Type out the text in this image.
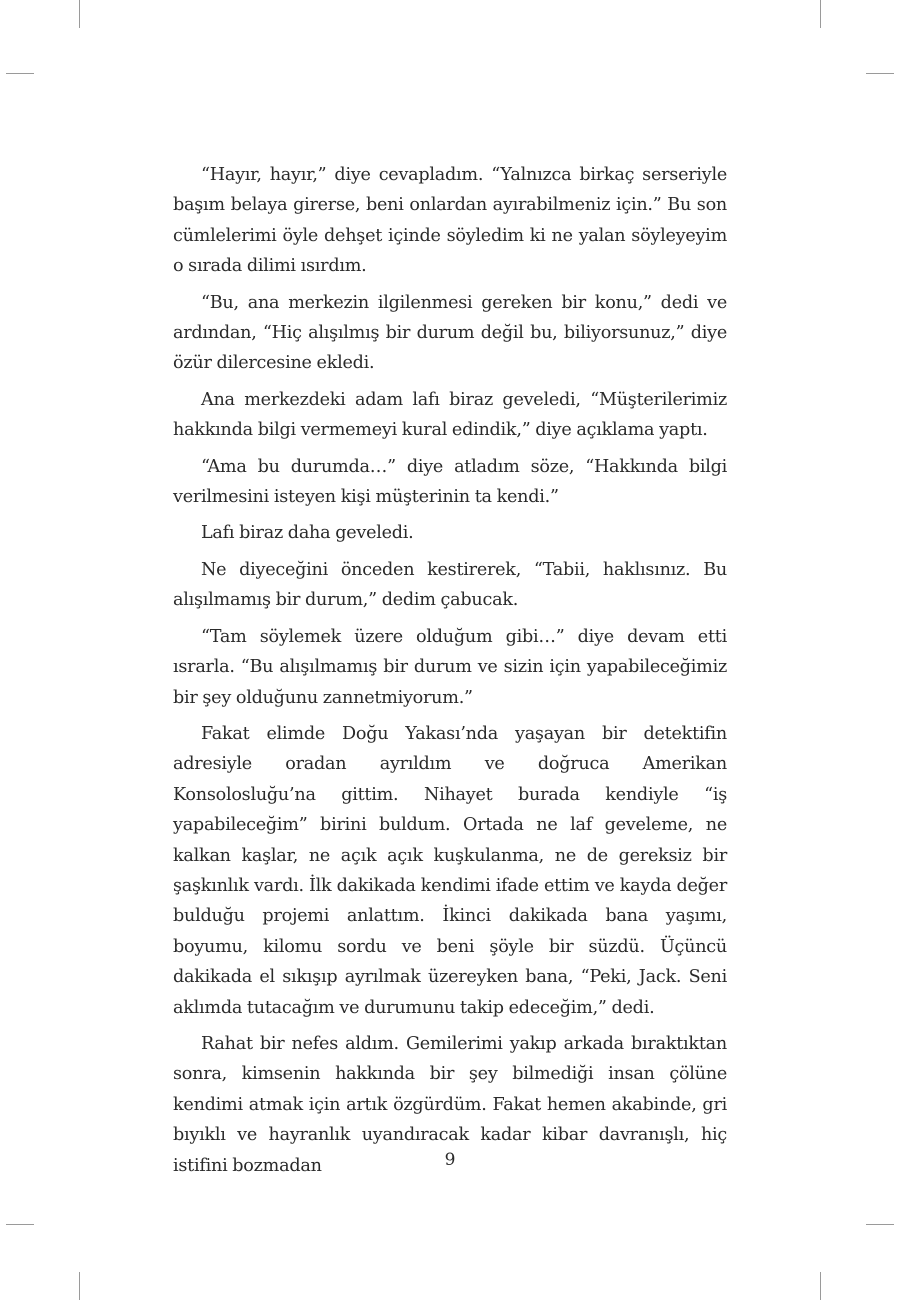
“Hayır, hayır,” diye cevapladım. “Yalnızca birkaç serseriyle başım belaya girerse, beni onlardan ayırabilmeniz için.” Bu son cümlelerimi öyle dehşet içinde söyledim ki ne yalan söyleyeyim o sırada dilimi ısırdım.

“Bu, ana merkezin ilgilenmesi gereken bir konu,” dedi ve ardından, “Hiç alışılmış bir durum değil bu, biliyorsunuz,” diye özür dilercesine ekledi.

Ana merkezdeki adam lafı biraz geveledi, “Müşterilerimiz hakkında bilgi vermemeyi kural edindik,” diye açıklama yaptı.

“Ama bu durumda…” diye atladım söze, “Hakkında bilgi verilmesini isteyen kişi müşterinin ta kendi.”

Lafı biraz daha geveledi.

Ne diyeceğini önceden kestirerek, “Tabii, haklısınız. Bu alışılmamış bir durum,” dedim çabucak.

“Tam söylemek üzere olduğum gibi…” diye devam etti ısrarla. “Bu alışılmamış bir durum ve sizin için yapabileceğimiz bir şey olduğunu zannetmiyorum.”

Fakat elimde Doğu Yakası’nda yaşayan bir detektifin adresiyle oradan ayrıldım ve doğruca Amerikan Konsolosluğu’na gittim. Nihayet burada kendiyle “iş yapabileceğim” birini buldum. Ortada ne laf geveleme, ne kalkan kaşlar, ne açık açık kuşkulanma, ne de gereksiz bir şaşkınlık vardı. İlk dakikada kendimi ifade ettim ve kayda değer bulduğu projemi anlattım. İkinci dakikada bana yaşımı, boyumu, kilomu sordu ve beni şöyle bir süzdü. Üçüncü dakikada el sıkışıp ayrılmak üzereyken bana, “Peki, Jack. Seni aklımda tutacağım ve durumunu takip edeceğim,” dedi.

Rahat bir nefes aldım. Gemilerimi yakıp arkada bıraktıktan sonra, kimsenin hakkında bir şey bilmediği insan çölüne kendimi atmak için artık özgürdüm. Fakat hemen akabinde, gri bıyıklı ve hayranlık uyandıracak kadar kibar davranışlı, hiç istifini bozmadan	9
